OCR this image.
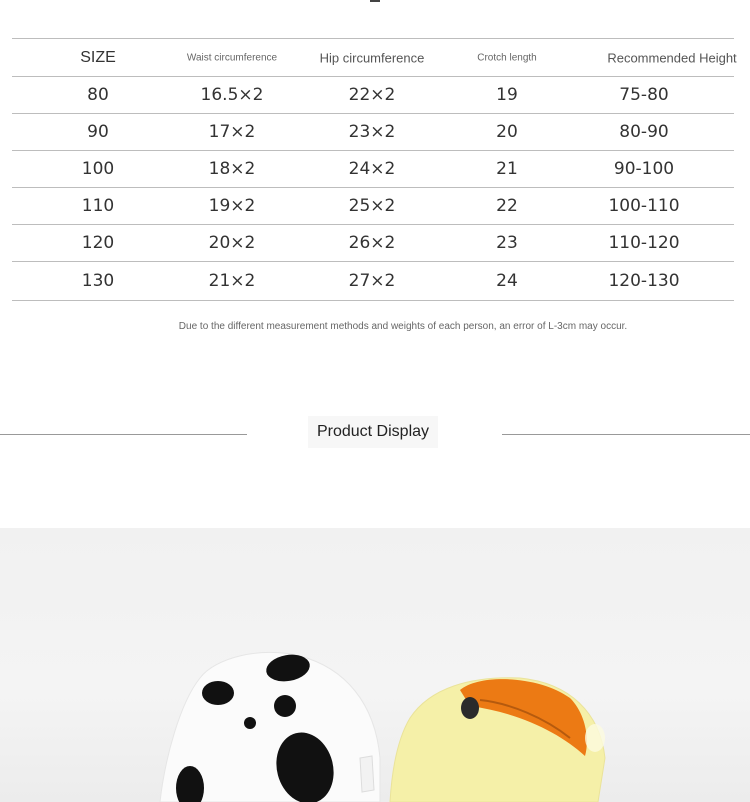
SIZE	Waist circumference	Hip circumference	Crotch length	Recommended Height
80	16.5×2	22×2	19	75-80
90	17×2	23×2	20	80-90
100	18×2	24×2	21	90-100
110	19×2	25×2	22	100-110
120	20×2	26×2	23	110-120
130	21×2	27×2	24	120-130
Due to the different measurement methods and weights of each person, an error of L-3cm may occur.
Product Display
